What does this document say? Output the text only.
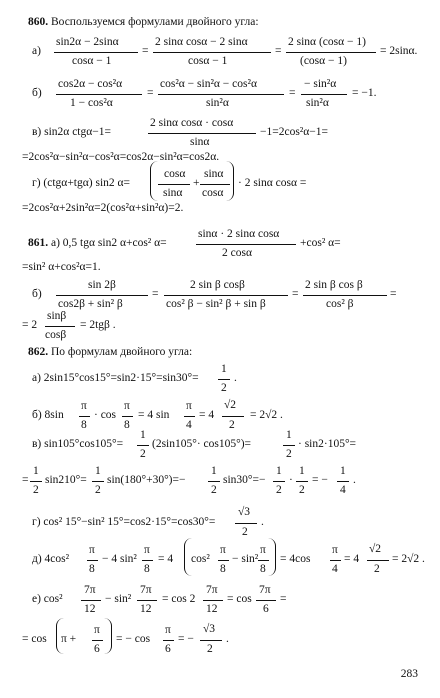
860. Воспользуемся формулами двойного угла:
а)
sin2α − 2sinα
cosα − 1
=
2 sinα cosα − 2 sinα
cosα − 1
=
2 sinα (cosα − 1)
(cosα − 1)
= 2sinα.
б)
cos2α − cos²α
1 − cos²α
=
cos²α − sin²α − cos²α
sin²α
=
− sin²α
sin²α
= −1.
в) sin2α ctgα−1=
2 sinα cosα · cosα
sinα
−1=2cos²α−1=
=2cos²α−sin²α−cos²α=cos2α−sin²α=cos2α.
г) (ctgα+tgα) sin2 α=
cosα
sinα
+
sinα
cosα
· 2 sinα cosα =
=2cos²α+2sin²α=2(cos²α+sin²α)=2.
861. а) 0,5 tgα sin2 α+cos² α=
sinα · 2 sinα cosα
2 cosα
+cos² α=
=sin² α+cos²α=1.
б)
sin 2β
cos2β + sin² β
=
2 sin β cosβ
cos² β − sin² β + sin β
=
2 sin β cos β
cos² β
=
= 2
sinβ
cosβ
= 2tgβ .
862. По формулам двойного угла:
а) 2sin15°cos15°=sin2·15°=sin30°=
1
2
.
б) 8sin
π
8
· cos
π
8
= 4 sin
π
4
= 4
√2
2
= 2√2 .
в) sin105°cos105°=
1
2
(2sin105°· cos105°)=
1
2
· sin2·105°=
=
1
2
sin210°=
1
2
sin(180°+30°)=−
1
2
sin30°=−
1
2
·
1
2
= −
1
4
.
г) cos² 15°−sin² 15°=cos2·15°=cos30°=
√3
2
.
д) 4cos²
π
8
− 4 sin²
π
8
= 4 cos²
π
8
− sin²
π
8
= 4cos
π
4
= 4
√2
2
= 2√2 .
е) cos²
7π
12
− sin²
7π
12
= cos 2
7π
12
= cos
7π
6
=
= cos π +
π
6
= − cos
π
6
= −
√3
2
.
283
